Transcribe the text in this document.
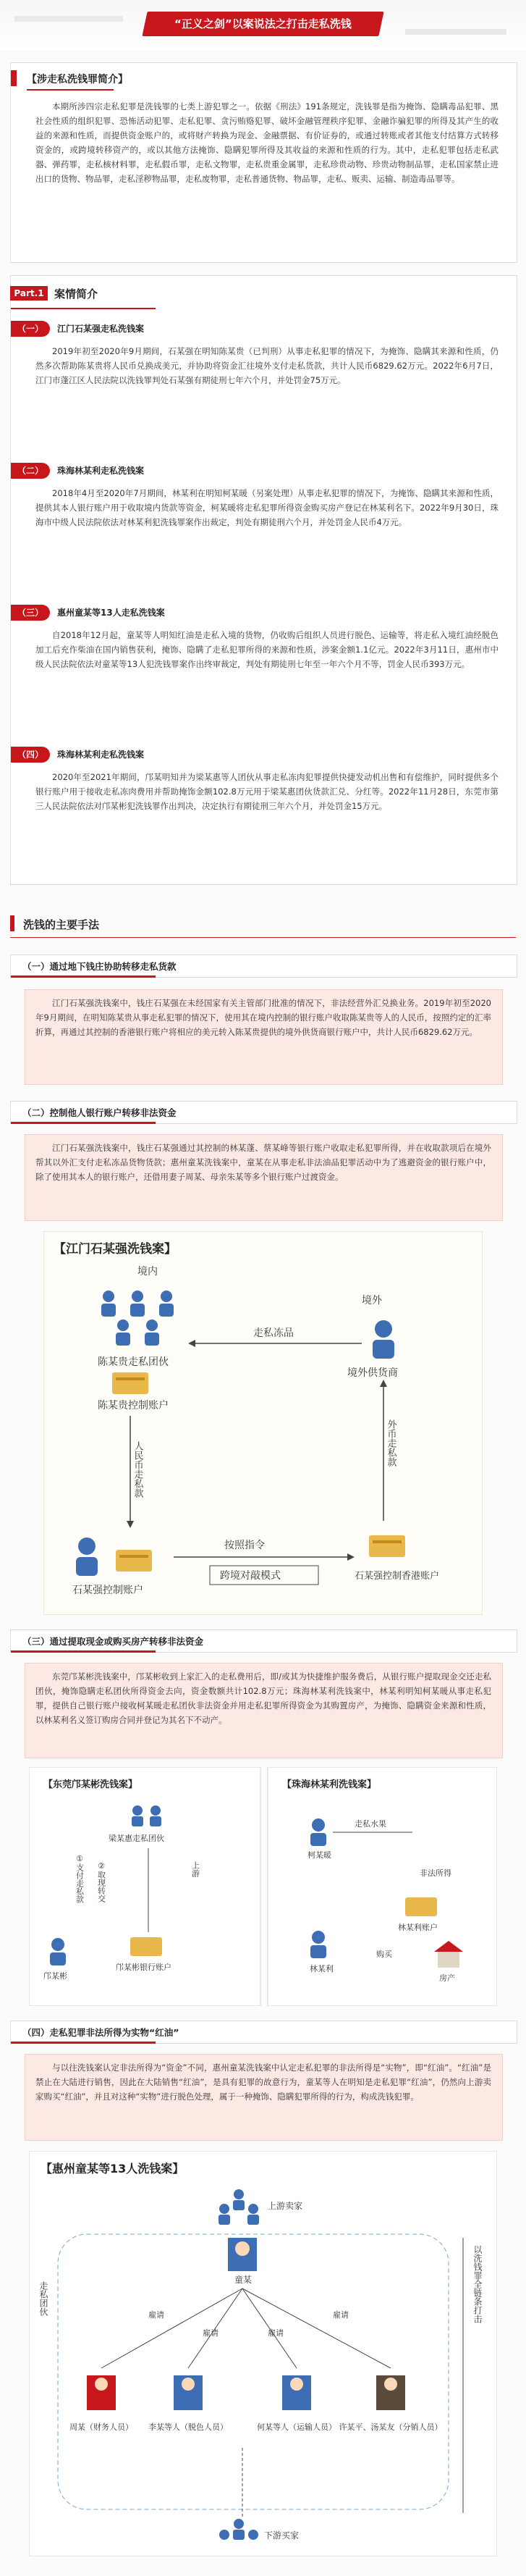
“正义之剑”以案说法之打击走私洗钱
【涉走私洗钱罪简介】

本期所涉四宗走私犯罪是洗钱罪的七类上游犯罪之一。依据《刑法》191条规定，洗钱罪是指为掩饰、隐瞒毒品犯罪、黑社会性质的组织犯罪、恐怖活动犯罪、走私犯罪、贪污贿赂犯罪、破坏金融管理秩序犯罪、金融诈骗犯罪的所得及其产生的收益的来源和性质，而提供资金账户的，或将财产转换为现金、金融票据、有价证券的，或通过转账或者其他支付结算方式转移资金的，或跨境转移资产的，或以其他方法掩饰、隐瞒犯罪所得及其收益的来源和性质的行为。其中，走私犯罪包括走私武器、弹药罪，走私核材料罪，走私假币罪，走私文物罪，走私贵重金属罪，走私珍贵动物、珍贵动物制品罪，走私国家禁止进出口的货物、物品罪，走私淫秽物品罪，走私废物罪，走私普通货物、物品罪，走私、贩卖、运输、制造毒品罪等。

Part.1 案情简介
（一） 江门石某强走私洗钱案

2019年初至2020年9月期间，石某强在明知陈某贵（已判刑）从事走私犯罪的情况下，为掩饰、隐瞒其来源和性质，仍然多次帮助陈某贵将人民币兑换成美元，并协助将资金汇往境外支付走私货款，共计人民币6829.62万元。2022年6月7日，江门市蓬江区人民法院以洗钱罪判处石某强有期徒刑七年六个月，并处罚金75万元。

（二） 珠海林某利走私洗钱案

2018年4月至2020年7月期间，林某利在明知柯某暖（另案处理）从事走私犯罪的情况下，为掩饰、隐瞒其来源和性质，提供其本人银行账户用于收取境内货款等资金，柯某暖将走私犯罪所得资金购买房产登记在林某利名下。2022年9月30日，珠海市中级人民法院依法对林某利犯洗钱罪案作出裁定，判处有期徒刑六个月，并处罚金人民币4万元。

（三） 惠州童某等13人走私洗钱案

自2018年12月起，童某等人明知红油是走私入境的货物，仍收购后组织人员进行脱色、运输等，将走私入境红油经脱色加工后充作柴油在国内销售获利，掩饰、隐瞒了走私犯罪所得的来源和性质，涉案金额1.1亿元。2022年3月11日，惠州市中级人民法院依法对童某等13人犯洗钱罪案作出终审裁定，判处有期徒刑七年至一年六个月不等，罚金人民币393万元。

（四） 珠海林某利走私洗钱案

2020年至2021年期间，邝某明知并为梁某惠等人团伙从事走私冻肉犯罪提供快捷发动机出售和有偿维护，同时提供多个银行账户用于接收走私冻肉费用并帮助掩饰金额102.8万元用于梁某惠团伙货款汇兑、分红等。2022年11月28日，东莞市第三人民法院依法对邝某彬犯洗钱罪作出判决，决定执行有期徒刑三年六个月，并处罚金15万元。

洗钱的主要手法
（一）通过地下钱庄协助转移走私货款

江门石某强洗钱案中，钱庄石某强在未经国家有关主管部门批准的情况下，非法经营外汇兑换业务。2019年初至2020年9月期间，在明知陈某贵从事走私犯罪的情况下，使用其在境内控制的银行账户收取陈某贵等人的人民币，按照约定的汇率折算，再通过其控制的香港银行账户将相应的美元转入陈某贵提供的境外供货商银行账户中，共计人民币6829.62万元。

（二）控制他人银行账户转移非法资金

江门石某强洗钱案中，钱庄石某强通过其控制的林某蓬、蔡某峰等银行账户收取走私犯罪所得，并在收取款项后在境外帮其以外汇支付走私冻品货物货款；惠州童某洗钱案中，童某在从事走私非法油品犯罪活动中为了逃避资金的银行账户中，除了使用其本人的银行账户，还借用妻子周某、母亲朱某等多个银行账户过渡资金。

【江门石某强洗钱案】
境内
境外
陈某贵走私团伙
陈某贵控制账户
境外供货商
走私冻品
人民币走私款	外币走私款
石某强控制账户
石某强控制香港账户
按照指令
跨境对敲模式
（三）通过提取现金或购买房产转移非法资金

东莞邝某彬洗钱案中，邝某彬收到上家汇入的走私费用后，即/或其为快捷维护服务费后，从银行账户提取现金交还走私团伙，掩饰隐瞒走私团伙所得资金去向，资金数额共计102.8万元；珠海林某利洗钱案中，林某利明知柯某暖从事走私犯罪，提供自己银行账户接收柯某暖走私团伙非法资金并用走私犯罪所得资金为其购置房产，为掩饰、隐瞒资金来源和性质，以林某利名义签订购房合同并登记为其名下不动产。

【东莞邝某彬洗钱案】	【珠海林某利洗钱案】
梁某惠走私团伙
邝某彬
邝某彬银行账户
②取现转交
①支付走私款	上游
柯某暖
走私水果
非法所得
林某利账户
林某利
房产
购买
（四）走私犯罪非法所得为实物“红油”

与以往洗钱案认定非法所得为“资金”不同，惠州童某洗钱案中认定走私犯罪的非法所得是“实物”，即“红油”。“红油”是禁止在大陆进行销售，因此在大陆销售“红油”，是具有犯罪的故意行为，童某等人在明知是走私犯罪“红油”，仍然向上游卖家购买“红油”，并且对这种“实物”进行脱色处理，属于一种掩饰、隐瞒犯罪所得的行为，构成洗钱犯罪。

【惠州童某等13人洗钱案】
上游卖家
走私团伙	以洗钱罪全链条打击
童某
雇请
雇请	雇请
雇请
周某（财务人员） 李某等人（脱色人员）	何某等人（运输人员） 许某平、汤某友（分销人员）
下游买家
